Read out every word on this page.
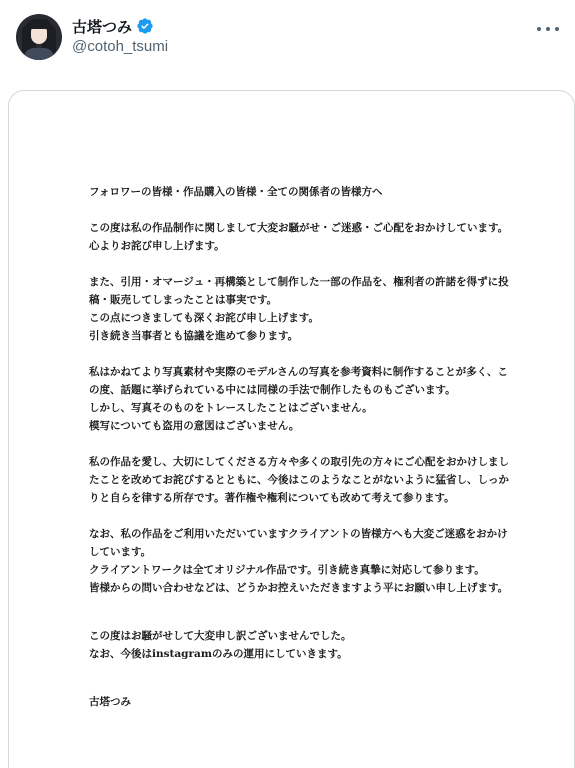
古塔つみ
@cotoh_tsumi

フォロワーの皆様・作品購入の皆様・全ての関係者の皆様方へ

この度は私の作品制作に関しまして大変お騒がせ・ご迷惑・ご心配をおかけしています。
心よりお詫び申し上げます。

また、引用・オマージュ・再構築として制作した一部の作品を、権利者の許諾を得ずに投
稿・販売してしまったことは事実です。
この点につきましても深くお詫び申し上げます。
引き続き当事者とも協議を進めて参ります。

私はかねてより写真素材や実際のモデルさんの写真を参考資料に制作することが多く、こ
の度、話題に挙げられている中には同様の手法で制作したものもございます。
しかし、写真そのものをトレースしたことはございません。
模写についても盗用の意図はございません。

私の作品を愛し、大切にしてくださる方々や多くの取引先の方々にご心配をおかけしまし
たことを改めてお詫びするとともに、今後はこのようなことがないように猛省し、しっか
りと自らを律する所存です。著作権や権利についても改めて考えて参ります。

なお、私の作品をご利用いただいていますクライアントの皆様方へも大変ご迷惑をおかけ
しています。
クライアントワークは全てオリジナル作品です。引き続き真摯に対応して参ります。
皆様からの問い合わせなどは、どうかお控えいただきますよう平にお願い申し上げます。

この度はお騒がせして大変申し訳ございませんでした。
なお、今後はinstagramのみの運用にしていきます。

古塔つみ
